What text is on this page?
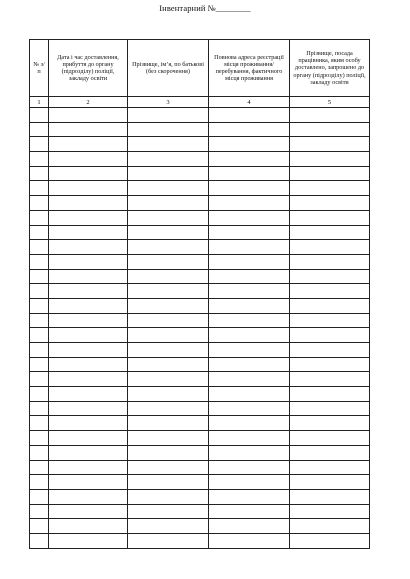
Інвентарний №________
№ з/п	Дата і час доставлення, прибуття до органу (підрозділу) поліції, закладу освіти	Прізвище, ім’я, по батькові (без скорочення)	Повнова адреса реєстрації місця проживання/перебування, фактичного місця проживання	Прізвище, посада працівника, яким особу доставлено, запрошено до органу (підрозділу) поліції, закладу освіти
1	2	3	4	5
